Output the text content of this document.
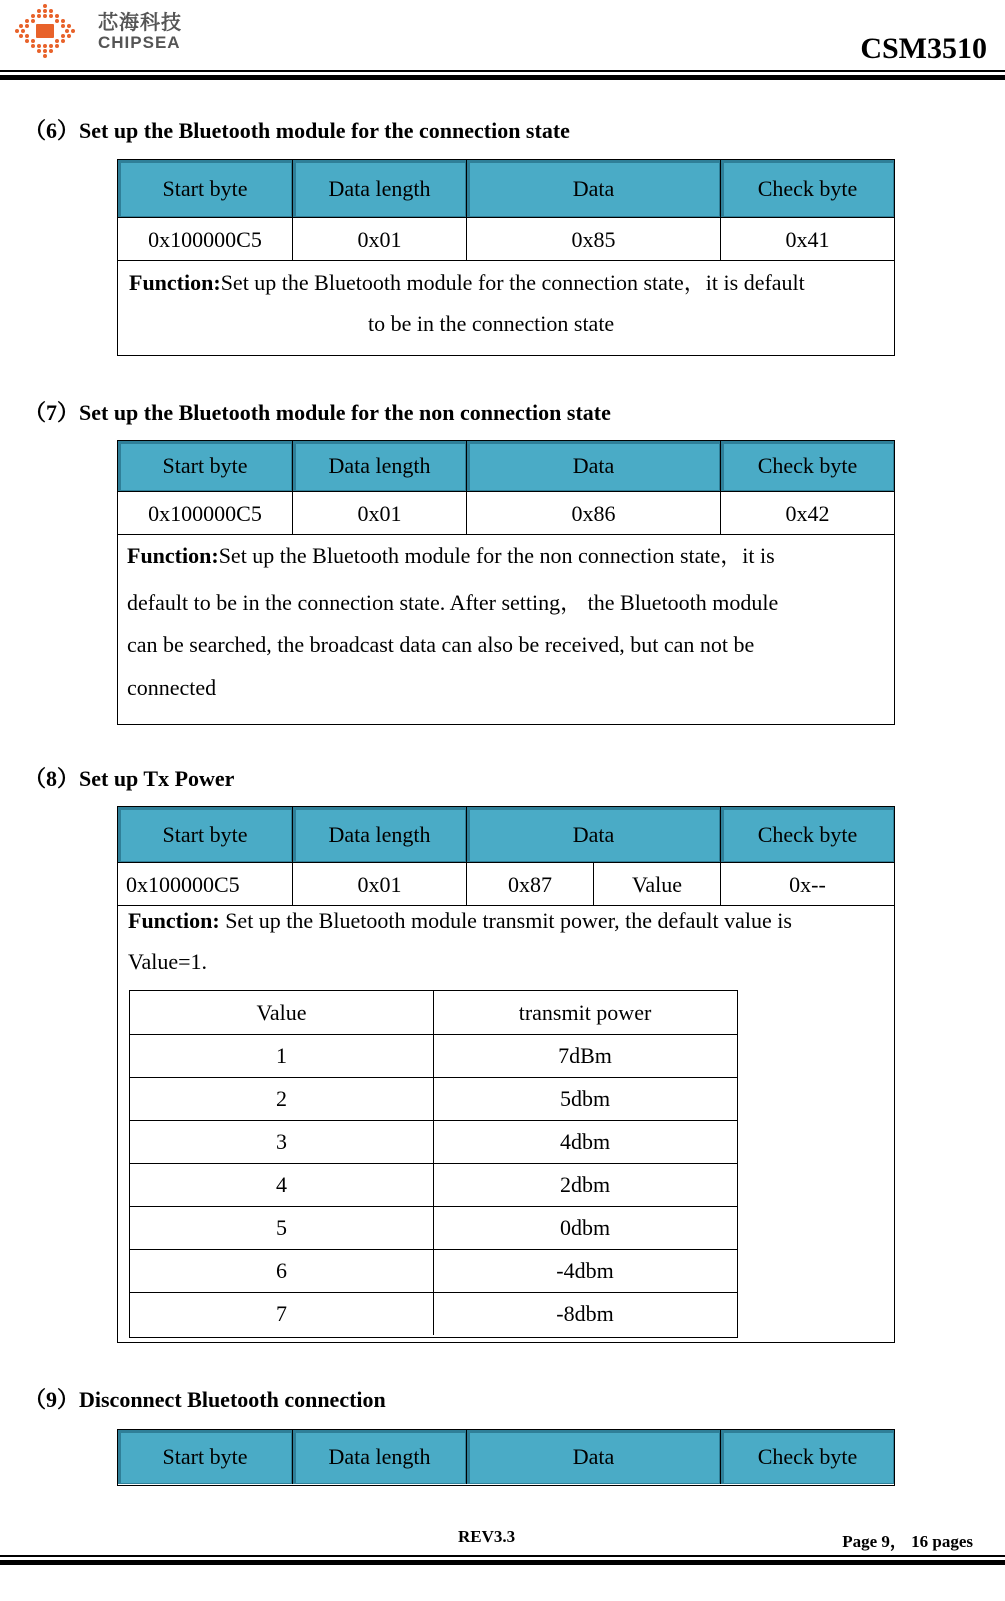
芯海科技
CHIPSEA	CSM3510
（6）Set up the Bluetooth module for the connection state
Start byte	Data length	Data	Check byte
0x100000C5	0x01	0x85	0x41
Function:Set up the Bluetooth module for the connection state，it is default
to be in the connection state
（7）Set up the Bluetooth module for the non connection state
Start byte	Data length	Data	Check byte
0x100000C5	0x01	0x86	0x42
Function:Set up the Bluetooth module for the non connection state，it is
default to be in the connection state. After setting， the Bluetooth module
can be searched, the broadcast data can also be received, but can not be
connected
（8）Set up Tx Power
Start byte	Data length	Data	Check byte
0x100000C5	0x01	0x87	Value	0x--
Function: Set up the Bluetooth module transmit power, the default value is
Value=1.
Value	transmit power
1	7dBm
2	5dbm
3	4dbm
4	2dbm
5	0dbm
6	-4dbm
7	-8dbm
（9）Disconnect Bluetooth connection
Start byte	Data length	Data	Check byte
REV3.3	Page 9， 16 pages
